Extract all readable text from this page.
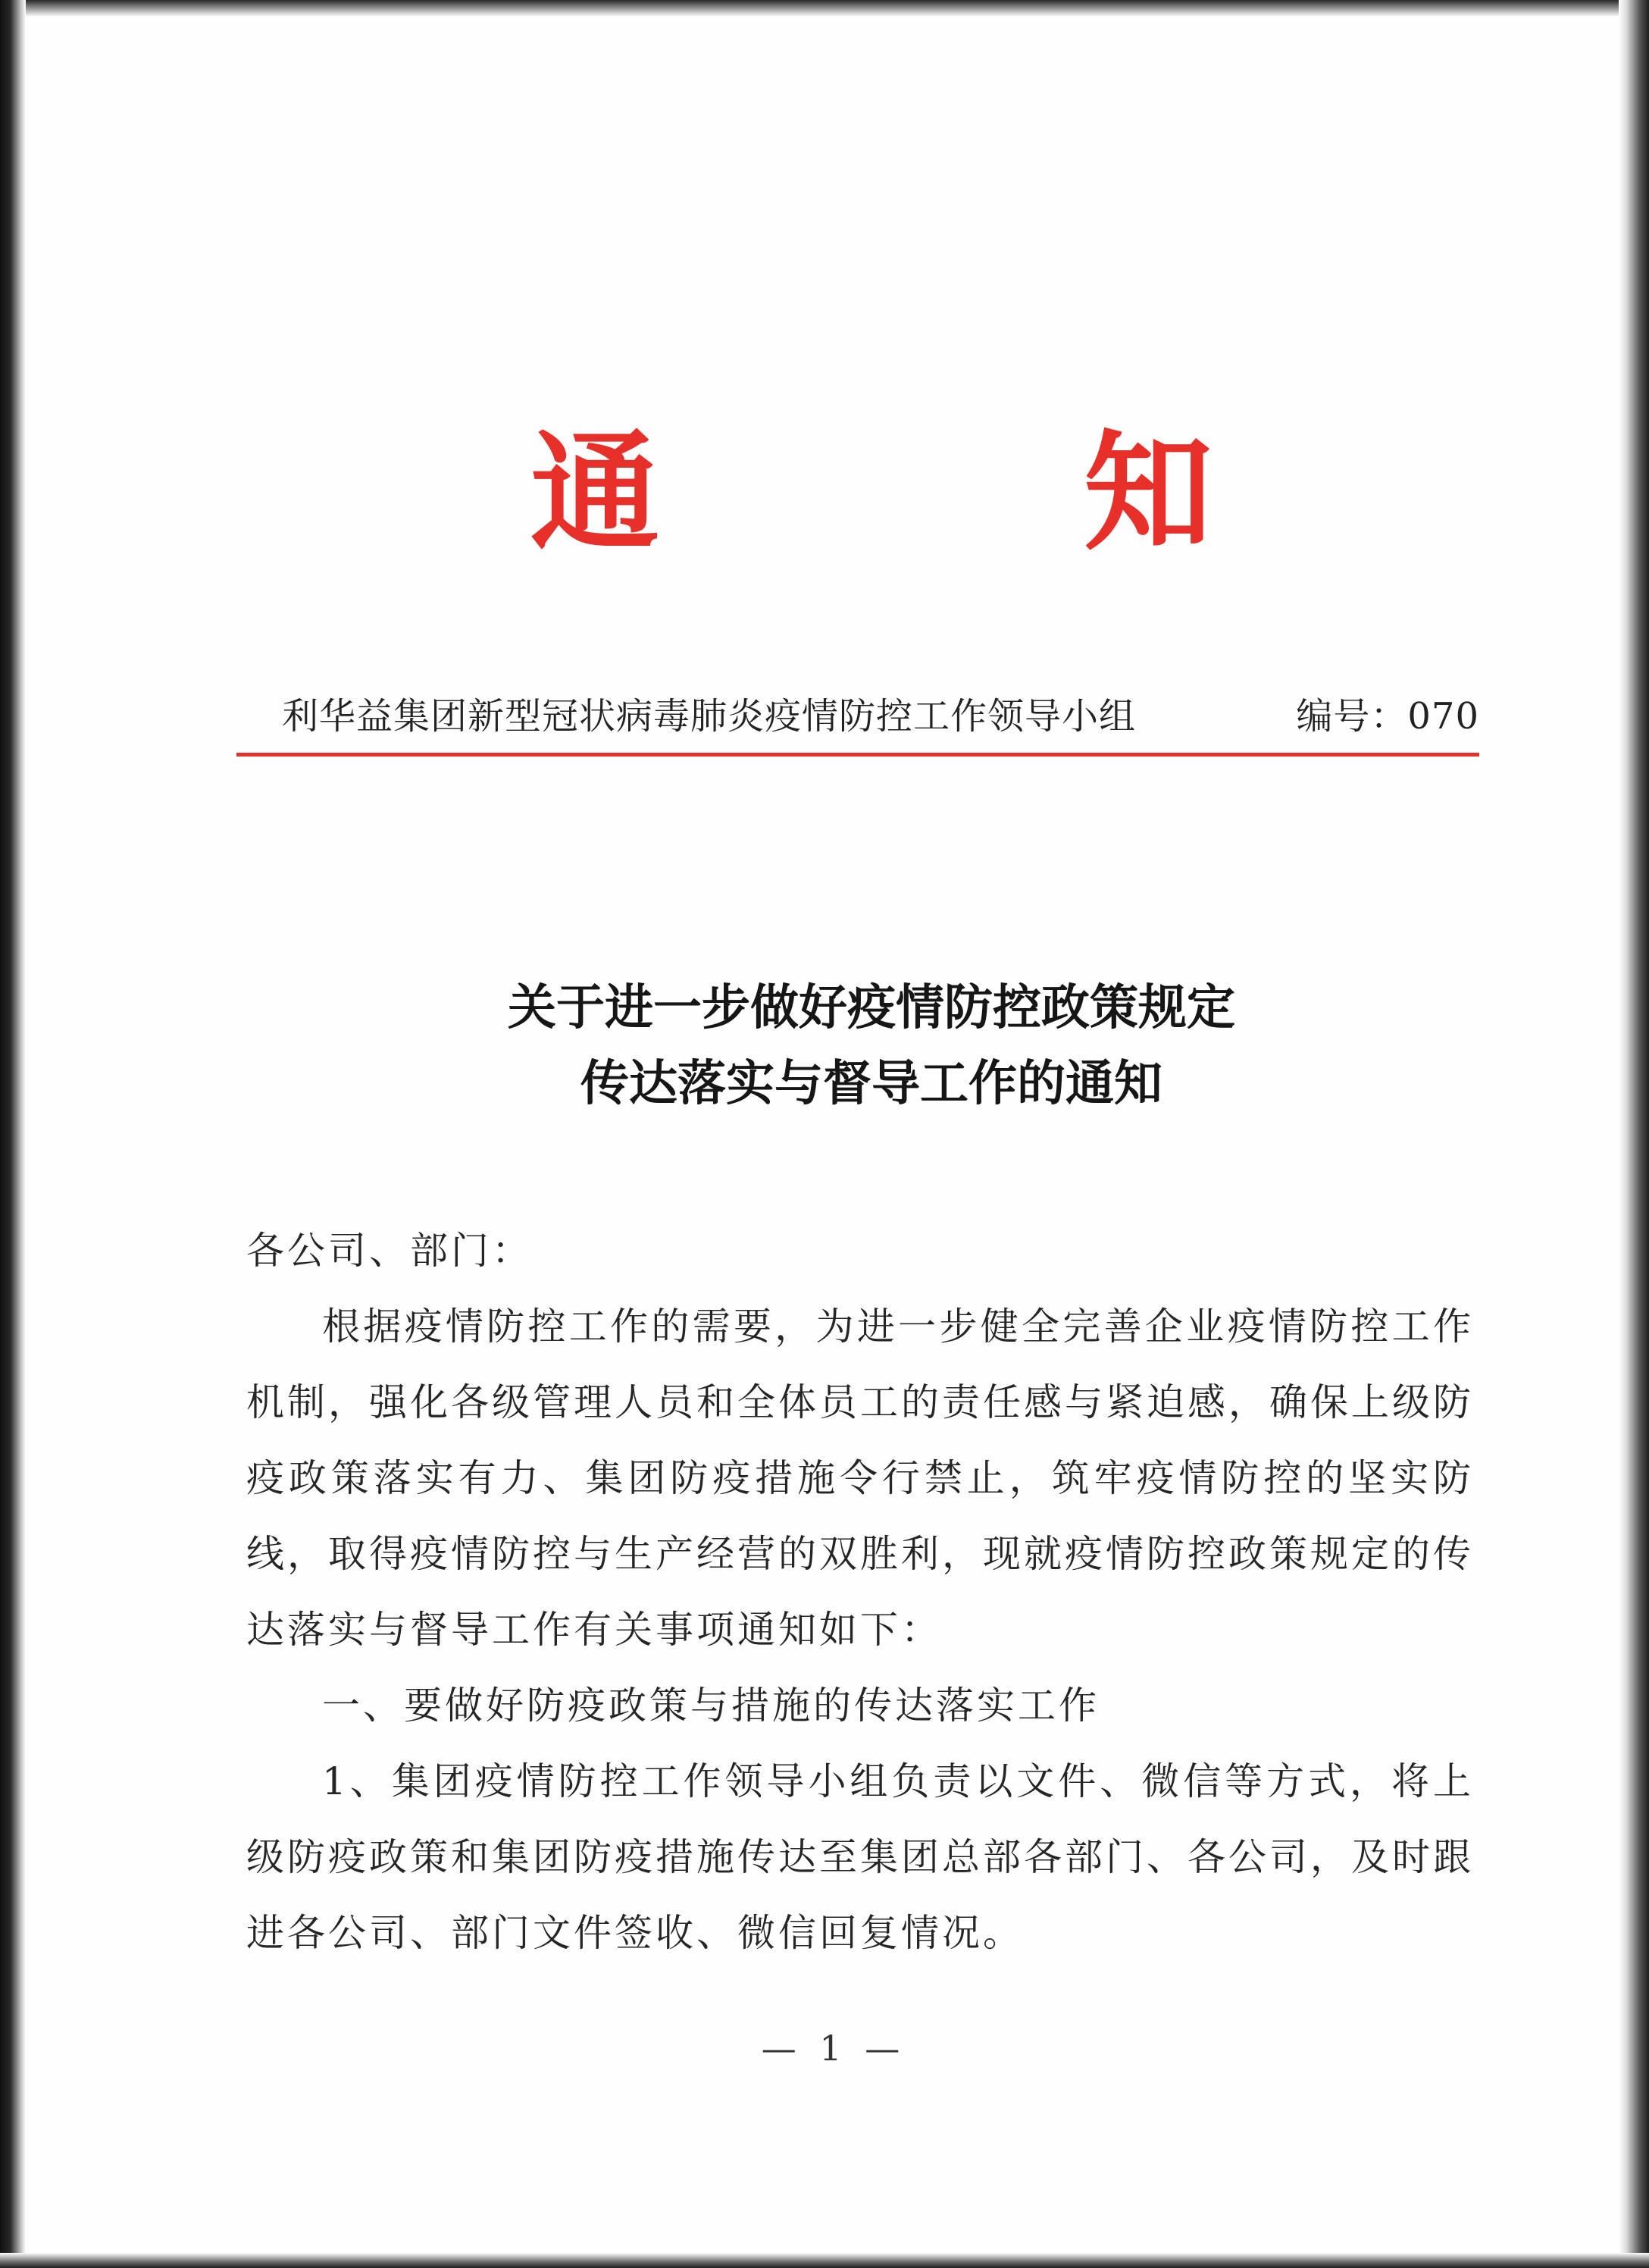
通	知
利华益集团新型冠状病毒肺炎疫情防控工作领导小组	编号：070
关于进一步做好疫情防控政策规定
传达落实与督导工作的通知

各公司、部门：

根据疫情防控工作的需要，为进一步健全完善企业疫情防控工作机制，强化各级管理人员和全体员工的责任感与紧迫感，确保上级防疫政策落实有力、集团防疫措施令行禁止，筑牢疫情防控的坚实防线，取得疫情防控与生产经营的双胜利，现就疫情防控政策规定的传达落实与督导工作有关事项通知如下：

一、要做好防疫政策与措施的传达落实工作

1、集团疫情防控工作领导小组负责以文件、微信等方式，将上级防疫政策和集团防疫措施传达至集团总部各部门、各公司，及时跟进各公司、部门文件签收、微信回复情况。

— 1 —
